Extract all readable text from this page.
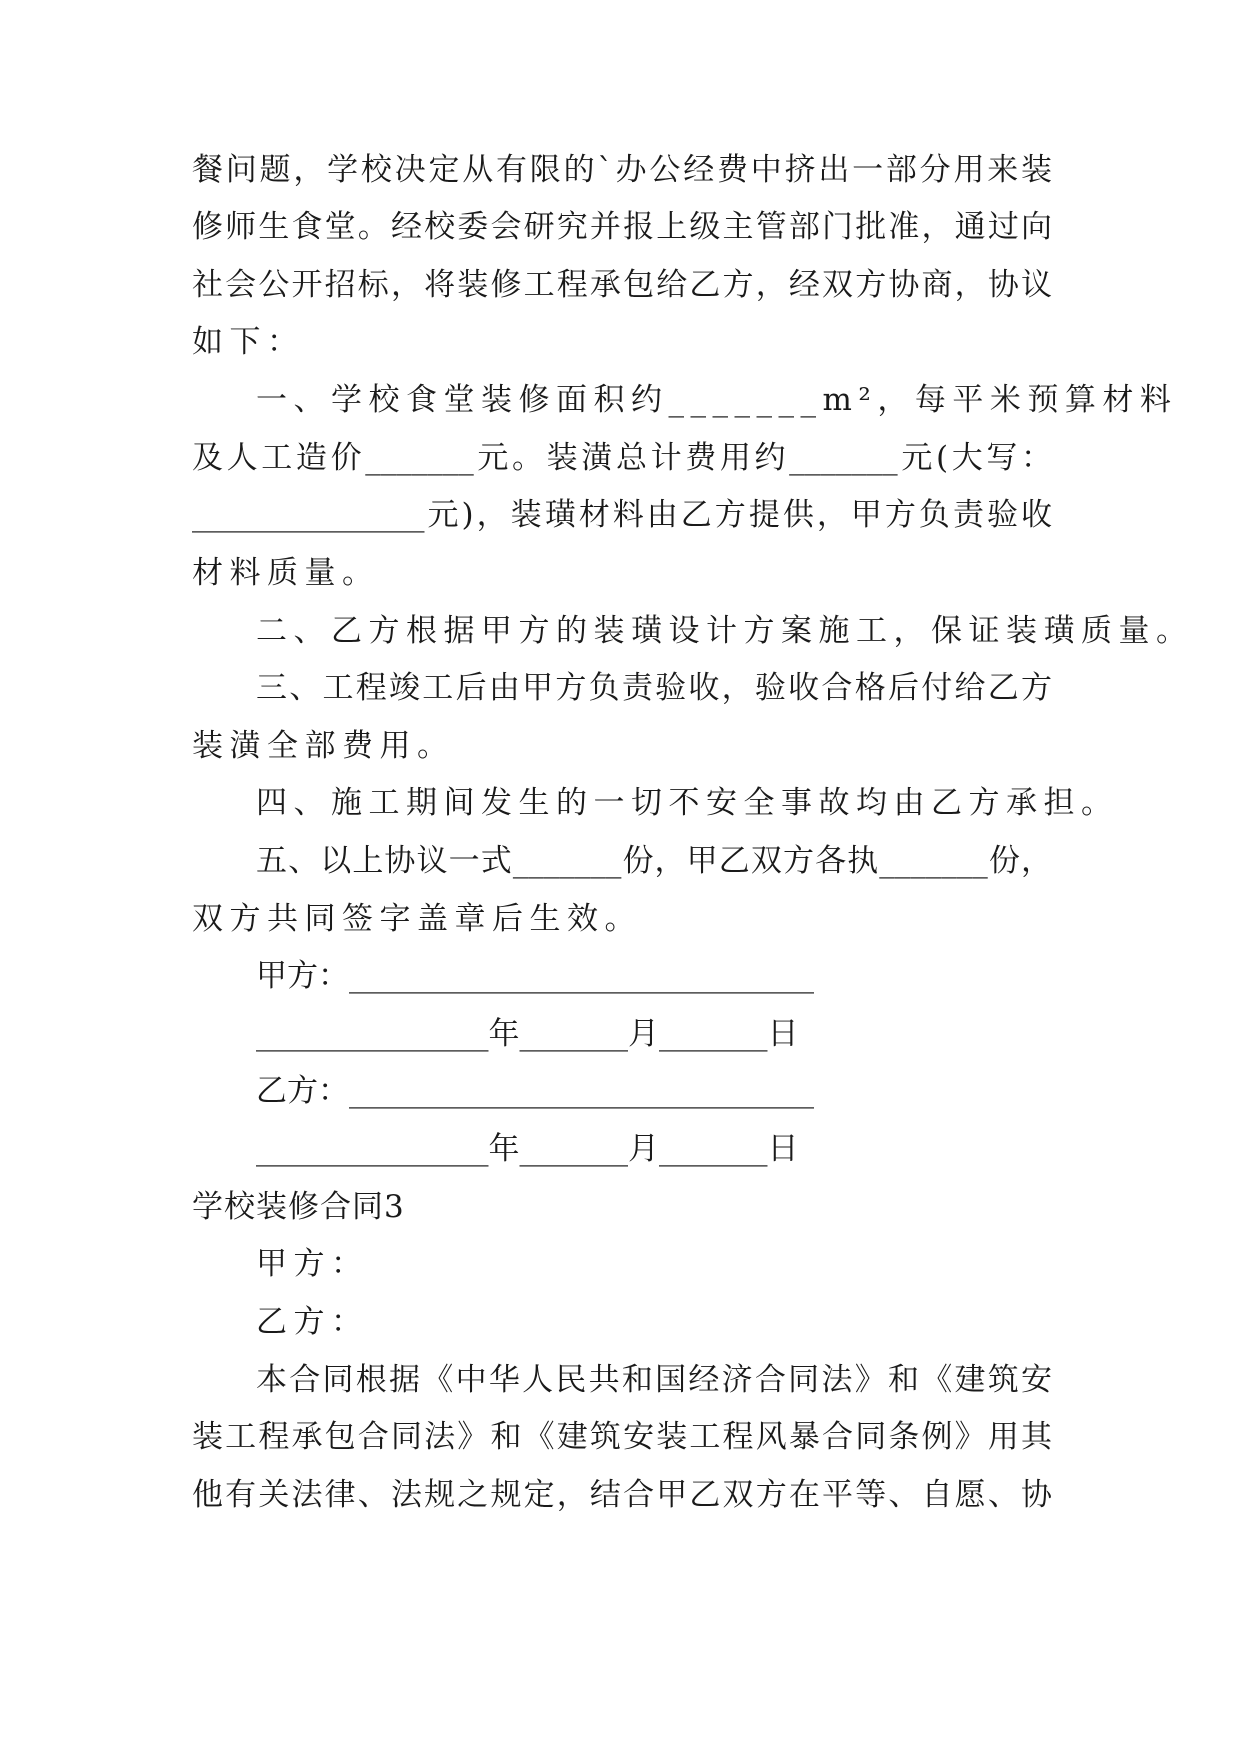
餐问题，学校决定从有限的`办公经费中挤出一部分用来装
修师生食堂。经校委会研究并报上级主管部门批准，通过向
社会公开招标，将装修工程承包给乙方，经双方协商，协议
如下：
一、学校食堂装修面积约_______m²，每平米预算材料
及人工造价_______元。装潢总计费用约_______元(大写：
_______________元)，装璜材料由乙方提供，甲方负责验收
材料质量。
二、乙方根据甲方的装璜设计方案施工，保证装璜质量。
三、工程竣工后由甲方负责验收，验收合格后付给乙方
装潢全部费用。
四、施工期间发生的一切不安全事故均由乙方承担。
五、以上协议一式_______份，甲乙双方各执_______份，
双方共同签字盖章后生效。
甲方：______________________________
_______________年_______月_______日
乙方：______________________________
_______________年_______月_______日
学校装修合同3
甲方：
乙方：
本合同根据《中华人民共和国经济合同法》和《建筑安
装工程承包合同法》和《建筑安装工程风暴合同条例》用其
他有关法律、法规之规定，结合甲乙双方在平等、自愿、协
